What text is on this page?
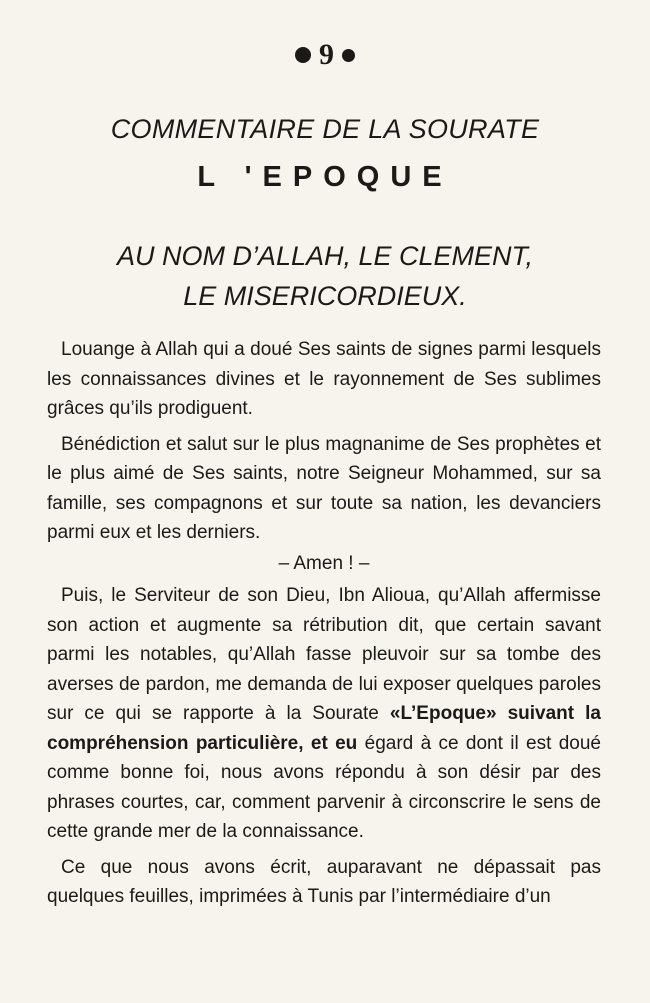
9
COMMENTAIRE DE LA SOURATE
L 'EPOQUE
AU NOM D’ALLAH, LE CLEMENT,
LE MISERICORDIEUX.

Louange à Allah qui a doué Ses saints de signes parmi lesquels les connaissances divines et le rayonnement de Ses sublimes grâces qu’ils prodiguent.

Bénédiction et salut sur le plus magnanime de Ses prophètes et le plus aimé de Ses saints, notre Seigneur Mohammed, sur sa famille, ses compagnons et sur toute sa nation, les devanciers parmi eux et les derniers.

– Amen ! –

Puis, le Serviteur de son Dieu, Ibn Alioua, qu’Allah affermisse son action et augmente sa rétribution dit, que certain savant parmi les notables, qu’Allah fasse pleuvoir sur sa tombe des averses de pardon, me demanda de lui exposer quelques paroles sur ce qui se rapporte à la Sourate «L’Epoque» suivant la compréhension particulière, et eu égard à ce dont il est doué comme bonne foi, nous avons répondu à son désir par des phrases courtes, car, comment parvenir à circonscrire le sens de cette grande mer de la connaissance.

Ce que nous avons écrit, auparavant ne dépassait pas quelques feuilles, imprimées à Tunis par l’intermédiaire d’un
